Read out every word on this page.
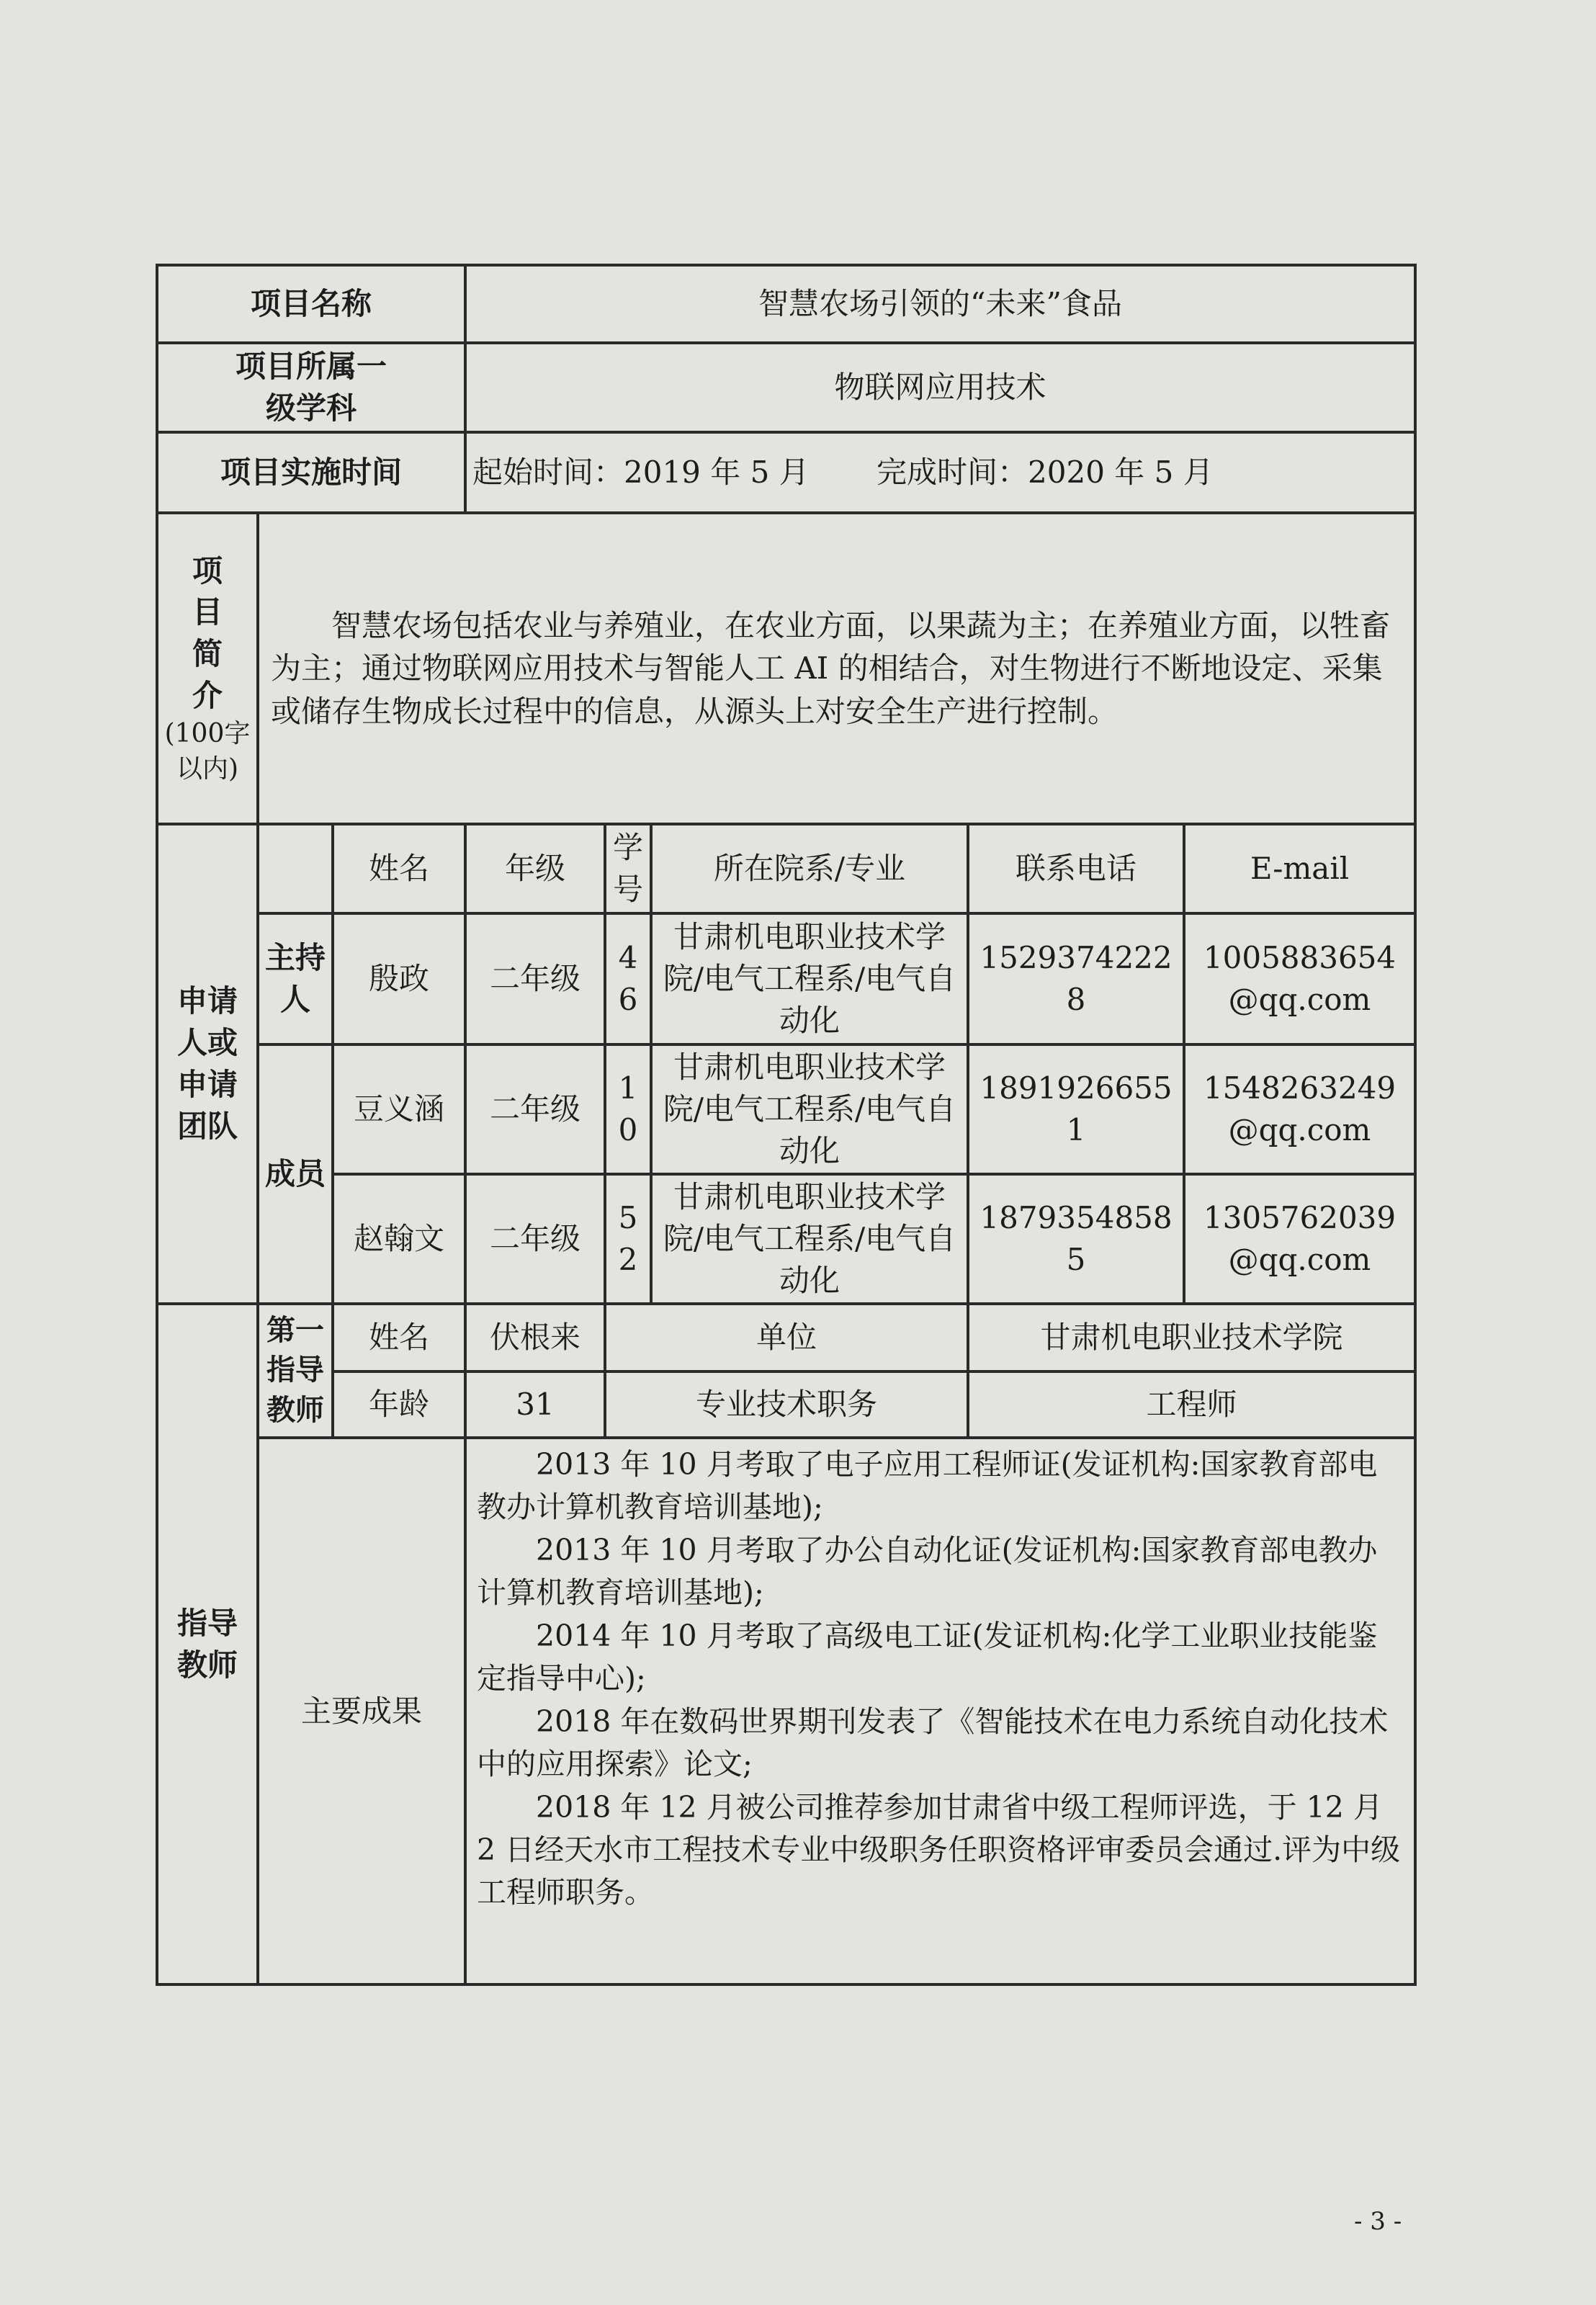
项目名称			智慧农场引领的“未来”食品				
项目所属一级学科			物联网应用技术				
项目实施时间			起始时间：2019 年 5 月 完成时间：2020 年 5 月				

项
目
简
介
(100字以内)	智慧农场包括农业与养殖业，在农业方面，以果蔬为主；在养殖业方面，以牲畜为主；通过物联网应用技术与智能人工 AI 的相结合，对生物进行不断地设定、采集或储存生物成长过程中的信息，从源头上对安全生产进行控制。						
申请人或申请团队		姓名	年级	学号	所在院系/专业	联系电话	E-mail
	主持人	殷政	二年级	46	甘肃机电职业技术学院/电气工程系/电气自动化	15293742228	1005883654@qq.com
	成员	豆义涵	二年级	10	甘肃机电职业技术学院/电气工程系/电气自动化	18919266551	1548263249@qq.com
		赵翰文	二年级	52	甘肃机电职业技术学院/电气工程系/电气自动化	18793548585	1305762039@qq.com
指导教师	第一指导教师	姓名	伏根来	单位		甘肃机电职业技术学院	
		年龄	31	专业技术职务		工程师	
	主要成果		2013 年 10 月考取了电子应用工程师证(发证机构:国家教育部电教办计算机教育培训基地);

2013 年 10 月考取了办公自动化证(发证机构:国家教育部电教办计算机教育培训基地);

2014 年 10 月考取了高级电工证(发证机构:化学工业职业技能鉴定指导中心);

2018 年在数码世界期刊发表了《智能技术在电力系统自动化技术中的应用探索》论文;

2018 年 12 月被公司推荐参加甘肃省中级工程师评选，于 12 月 2 日经天水市工程技术专业中级职务任职资格评审委员会通过.评为中级工程师职务。				

- 3 -
